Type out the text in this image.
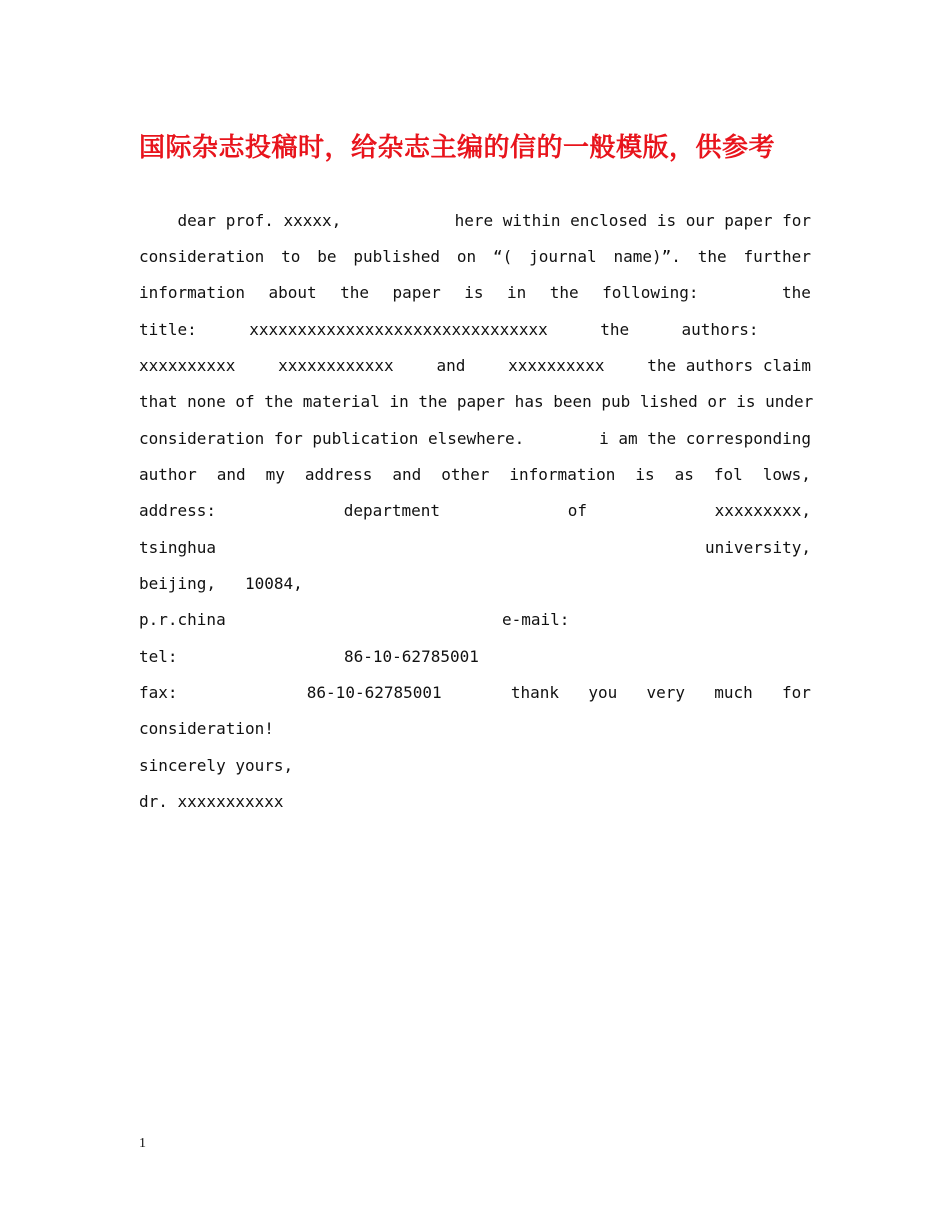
国际杂志投稿时，给杂志主编的信的一般模版，供参考
dear prof. xxxxx,	here within enclosed is our paper for
consideration to be published on “( journal name)”. the further
information about the paper is in the following:	the
title:	xxxxxxxxxxxxxxxxxxxxxxxxxxxxxxx	the	authors:
xxxxxxxxxx	xxxxxxxxxxxx	and	xxxxxxxxxx	the authors claim
that none of the material in the paper has been pub lished or is under
consideration for publication elsewhere.	i am the corresponding
author and my address and other information is as fol lows,
address:	department	of	xxxxxxxxx,
tsinghua	university,
beijing,   10084,
p.r.china	e-mail:
tel:	86-10-62785001
fax:	86-10-62785001	thank you very much for
consideration!
sincerely yours,
dr. xxxxxxxxxxx
1
